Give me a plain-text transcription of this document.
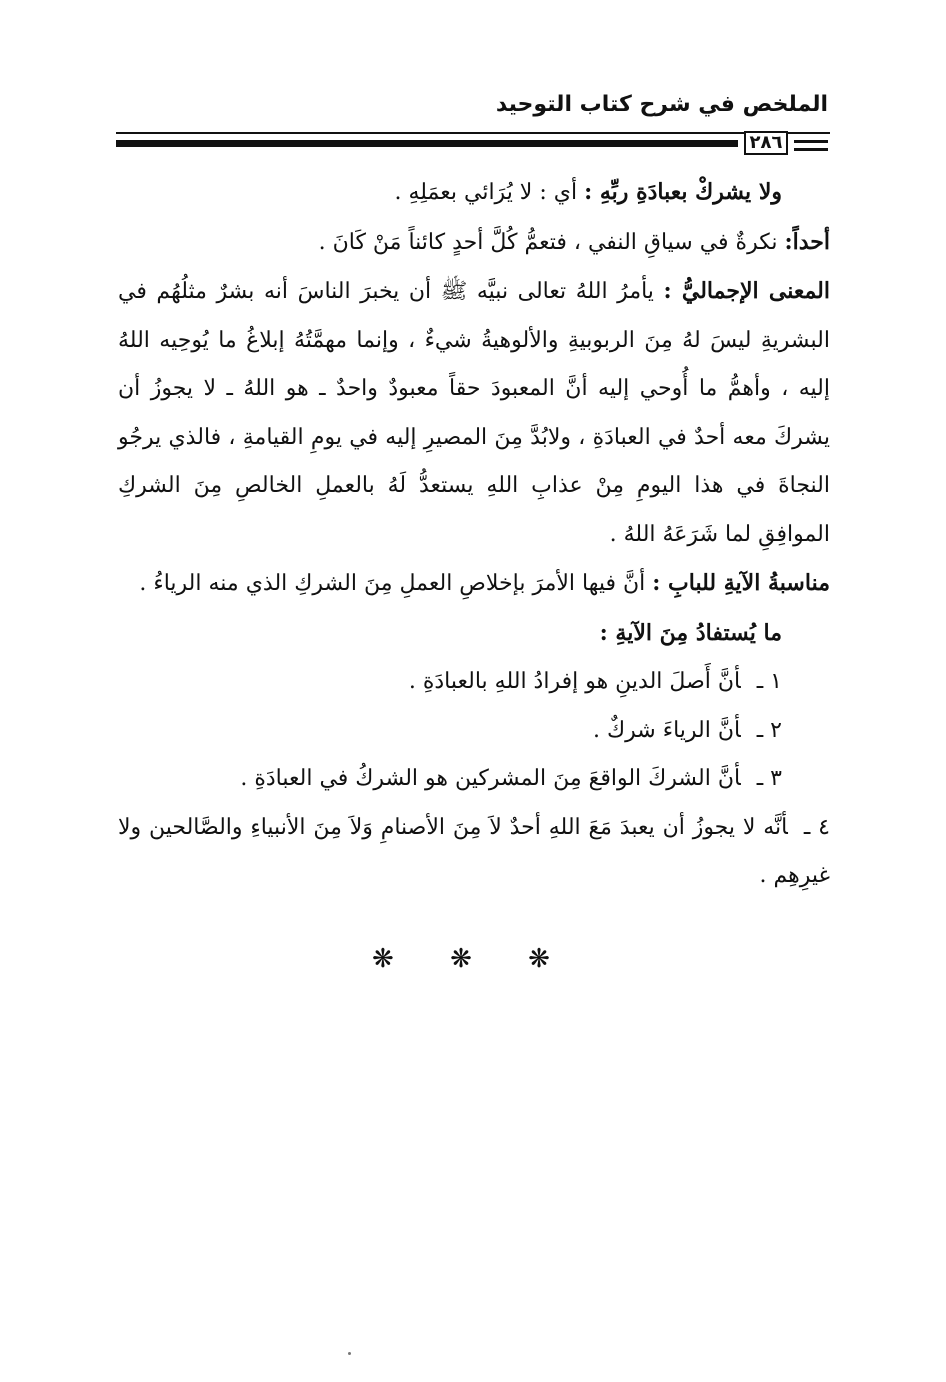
الملخص في شرح كتاب التوحيد
٢٨٦

ولا يشركْ بعبادَةِ ربِّهِ : أي : لا يُرَائي بعمَلِهِ .

أحداً: نكرةٌ في سياقِ النفي ، فتعمُّ كُلَّ أحدٍ كائناً مَنْ كَانَ .

المعنى الإجماليُّ : يأمرُ اللهُ تعالى نبيَّه ﷺ أن يخبرَ الناسَ أنه بشرٌ مثلُهُم في البشريةِ ليسَ لهُ مِنَ الربوبيةِ والألوهيةُ شيءٌ ، وإنما مهمَّتُهُ إبلاغُ ما يُوحِيه اللهُ إليه ، وأهمُّ ما أُوحي إليه أنَّ المعبودَ حقاً معبودٌ واحدٌ ـ هو اللهُ ـ لا يجوزُ أن يشركَ معه أحدٌ في العبادَةِ ، ولابُدَّ مِنَ المصيرِ إليه في يومِ القيامةِ ، فالذي يرجُو النجاةَ في هذا اليومِ مِنْ عذابِ اللهِ يستعدُّ لَهُ بالعملِ الخالصِ مِنَ الشركِ الموافِقِ لما شَرَعَهُ اللهُ .

مناسبةُ الآيةِ للبابِ : أنَّ فيها الأمرَ بإخلاصِ العملِ مِنَ الشركِ الذي منه الرياءُ .

ما يُستفادُ مِنَ الآيةِ :

١ ـأنَّ أَصلَ الدينِ هو إفرادُ اللهِ بالعبادَةِ .

٢ ـأنَّ الرياءَ شركٌ .

٣ ـأنَّ الشركَ الواقعَ مِنَ المشركين هو الشركُ في العبادَةِ .

٤ ـأنَّه لا يجوزُ أن يعبدَ مَعَ اللهِ أحدٌ لاَ مِنَ الأصنامِ وَلاَ مِنَ الأنبياءِ والصَّالحين ولا غيرِهِم .

❋ ❋ ❋
